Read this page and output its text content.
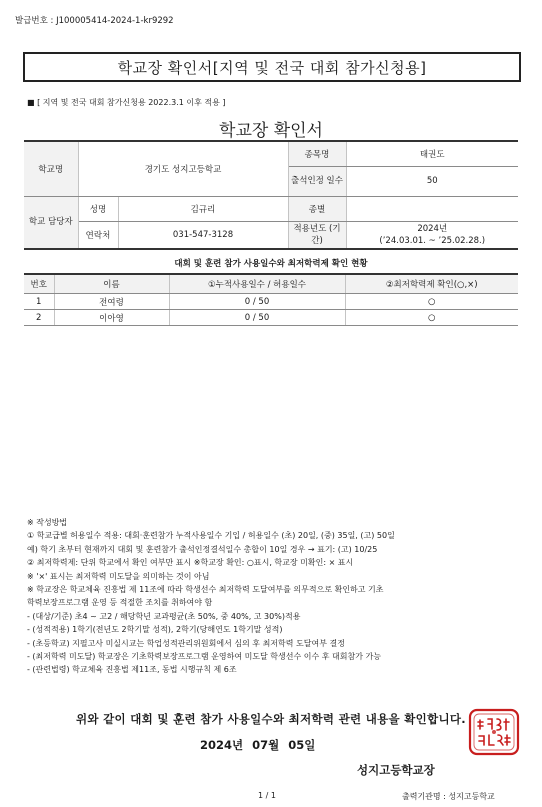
발급번호 : J100005414-2024-1-kr9292
학교장 확인서[지역 및 전국 대회 참가신청용]
■ [ 지역 및 전국 대회 참가신청용 2022.3.1 이후 적용 ]
학교장 확인서
학교명	경기도 성지고등학교		종목명	태권도
			출석인정 일수	50
학교 담당자	성명	김규리	종별	
	연락처	031-547-3128	적용년도 (기간)	2024년
(’24.03.01. ~ ’25.02.28.)
대회 및 훈련 참가 사용일수와 최저학력제 확인 현황
번호	이름	①누적사용일수 / 허용일수	②최저학력제 확인(○,×)
1	전여령	0 / 50	○
2	이아영	0 / 50	○
※ 작성방법
① 학교급별 허용일수 적용: 대회·훈련참가 누적사용일수 기입 / 허용일수 (초) 20일, (중) 35일, (고) 50일
예) 학기 초부터 현재까지 대회 및 훈련참가 출석인정결석일수 총합이 10일 경우 → 표기: (고) 10/25
② 최저학력제: 단위 학교에서 확인 여부만 표시 ※학교장 확인: ○표시, 학교장 미확인: × 표시
※ '×' 표시는 최저학력 미도달을 의미하는 것이 아님
※ 학교장은 학교체육 진흥법 제 11조에 따라 학생선수 최저학력 도달여부를 의무적으로 확인하고 기초
학력보장프로그램 운영 등 적절한 조치를 취하여야 함
- (대상/기준) 초4 ~ 고2 / 해당학년 교과평균(초 50%, 중 40%, 고 30%)적용
- (성적적용) 1학기(전년도 2학기말 성적), 2학기(당해연도 1학기말 성적)
- (초등학교) 지필고사 미실시교는 학업성적관리위원회에서 심의 후 최저학력 도달여부 결정
- (최저학력 미도달) 학교장은 기초학력보장프로그램 운영하여 미도달 학생선수 이수 후 대회참가 가능
- (관련법령) 학교체육 진흥법 제11조, 동법 시행규칙 제 6조
위와 같이 대회 및 훈련 참가 사용일수와 최저학력 관련 내용을 확인합니다.
2024년 07월 05일
성지고등학교장
1 / 1	출력기관명 : 성지고등학교
